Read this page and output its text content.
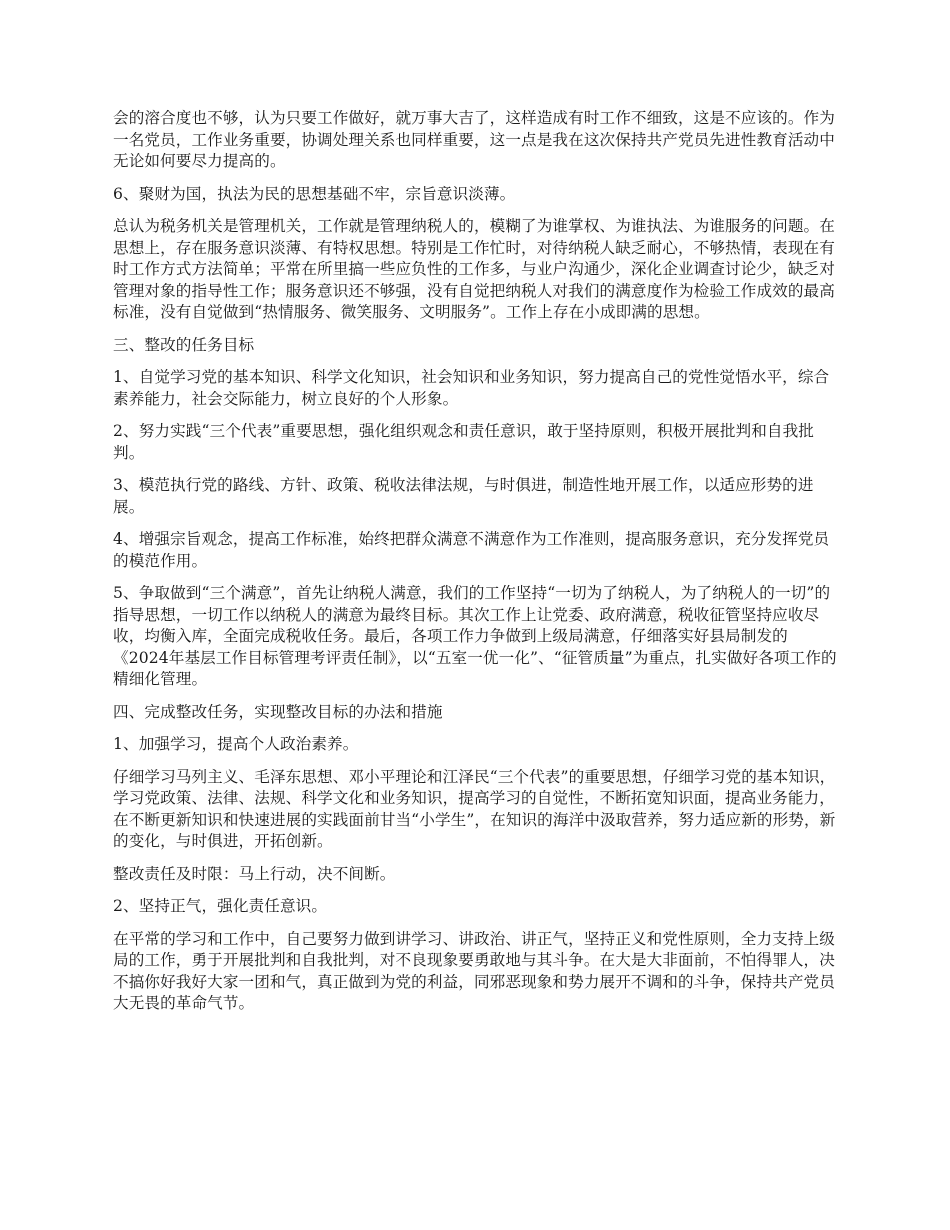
会的溶合度也不够，认为只要工作做好，就万事大吉了，这样造成有时工作不细致，这是不应该的。作为一名党员，工作业务重要，协调处理关系也同样重要，这一点是我在这次保持共产党员先进性教育活动中无论如何要尽力提高的。

6、聚财为国，执法为民的思想基础不牢，宗旨意识淡薄。

总认为税务机关是管理机关，工作就是管理纳税人的，模糊了为谁掌权、为谁执法、为谁服务的问题。在思想上，存在服务意识淡薄、有特权思想。特别是工作忙时，对待纳税人缺乏耐心，不够热情，表现在有时工作方式方法简单；平常在所里搞一些应负性的工作多，与业户沟通少，深化企业调查讨论少，缺乏对管理对象的指导性工作；服务意识还不够强，没有自觉把纳税人对我们的满意度作为检验工作成效的最高标准，没有自觉做到“热情服务、微笑服务、文明服务”。工作上存在小成即满的思想。

三、整改的任务目标

1、自觉学习党的基本知识、科学文化知识，社会知识和业务知识，努力提高自己的党性觉悟水平，综合素养能力，社会交际能力，树立良好的个人形象。

2、努力实践“三个代表”重要思想，强化组织观念和责任意识，敢于坚持原则，积极开展批判和自我批判。

3、模范执行党的路线、方针、政策、税收法律法规，与时俱进，制造性地开展工作，以适应形势的进展。

4、增强宗旨观念，提高工作标准，始终把群众满意不满意作为工作准则，提高服务意识，充分发挥党员的模范作用。

5、争取做到“三个满意”，首先让纳税人满意，我们的工作坚持“一切为了纳税人，为了纳税人的一切”的指导思想，一切工作以纳税人的满意为最终目标。其次工作上让党委、政府满意，税收征管坚持应收尽收，均衡入库，全面完成税收任务。最后，各项工作力争做到上级局满意，仔细落实好县局制发的《2024年基层工作目标管理考评责任制》，以“五室一优一化”、“征管质量”为重点，扎实做好各项工作的精细化管理。

四、完成整改任务，实现整改目标的办法和措施

1、加强学习，提高个人政治素养。

仔细学习马列主义、毛泽东思想、邓小平理论和江泽民“三个代表”的重要思想，仔细学习党的基本知识，学习党政策、法律、法规、科学文化和业务知识，提高学习的自觉性，不断拓宽知识面，提高业务能力，在不断更新知识和快速进展的实践面前甘当“小学生”，在知识的海洋中汲取营养，努力适应新的形势，新的变化，与时俱进，开拓创新。

整改责任及时限：马上行动，决不间断。

2、坚持正气，强化责任意识。

在平常的学习和工作中，自己要努力做到讲学习、讲政治、讲正气，坚持正义和党性原则，全力支持上级局的工作，勇于开展批判和自我批判，对不良现象要勇敢地与其斗争。在大是大非面前，不怕得罪人，决不搞你好我好大家一团和气，真正做到为党的利益，同邪恶现象和势力展开不调和的斗争，保持共产党员大无畏的革命气节。
